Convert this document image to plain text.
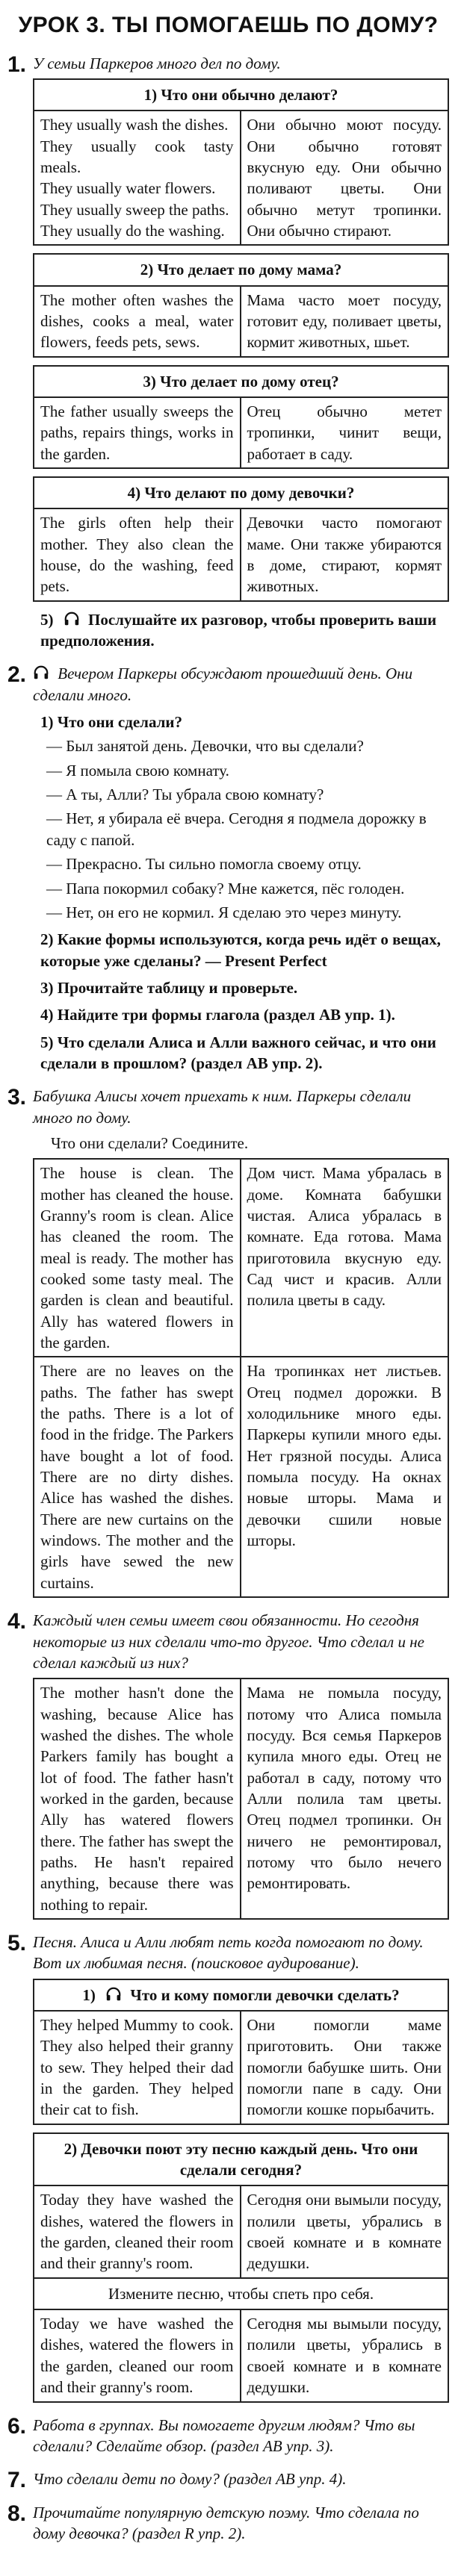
УРОК 3. ТЫ ПОМОГАЕШЬ ПО ДОМУ?
1. У семьи Паркеров много дел по дому.

1) Что они обычно делают?

They usually wash the dishes.

They usually cook tasty meals.

They usually water flowers.

They usually sweep the paths.

They usually do the washing.

Они обычно моют посуду. Они обычно готовят вкусную еду. Они обычно поливают цветы. Они обычно метут тропинки. Они обычно стирают.
2) Что делает по дому мама?
The mother often washes the dishes, cooks a meal, water flowers, feeds pets, sews.
Мама часто моет посуду, готовит еду, поливает цветы, кормит животных, шьет.
3) Что делает по дому отец?
The father usually sweeps the paths, repairs things, works in the garden.
Отец обычно метет тропинки, чинит вещи, работает в саду.
4) Что делают по дому девочки?
The girls often help their mother. They also clean the house, do the washing, feed pets.
Девочки часто помогают маме. Они также убираются в доме, стирают, кормят животных.

5) Послушайте их разговор, чтобы проверить ваши предположения.

2.	Вечером Паркеры обсуждают прошедший день. Они сделали много.

1) Что они сделали?

— Был занятой день. Девочки, что вы сделали?

— Я помыла свою комнату.

— А ты, Алли? Ты убрала свою комнату?

— Нет, я убирала её вчера. Сегодня я подмела дорожку в саду с папой.

— Прекрасно. Ты сильно помогла своему отцу.

— Папа покормил собаку? Мне кажется, пёс голоден.

— Нет, он его не кормил. Я сделаю это через минуту.

2) Какие формы используются, когда речь идёт о вещах, которые уже сделаны? — Present Perfect

3) Прочитайте таблицу и проверьте.

4) Найдите три формы глагола (раздел AB упр. 1).

5) Что сделали Алиса и Алли важного сейчас, и что они сделали в прошлом? (раздел AB упр. 2).

3. Бабушка Алисы хочет приехать к ним. Паркеры сделали много по дому.

Что они сделали? Соедините.

The house is clean. The mother has cleaned the house. Granny's room is clean. Alice has cleaned the room. The meal is ready. The mother has cooked some tasty meal. The garden is clean and beautiful. Ally has watered flowers in the garden.
Дом чист. Мама убралась в доме. Комната бабушки чистая. Алиса убралась в комнате. Еда готова. Мама приготовила вкусную еду. Сад чист и красив. Алли полила цветы в саду.
There are no leaves on the paths. The father has swept the paths. There is a lot of food in the fridge. The Parkers have bought a lot of food. There are no dirty dishes. Alice has washed the dishes. There are new curtains on the windows. The mother and the girls have sewed the new curtains.
На тропинках нет листьев. Отец подмел дорожки. В холодильнике много еды. Паркеры купили много еды. Нет грязной посуды. Алиса помыла посуду. На окнах новые шторы. Мама и девочки сшили новые шторы.
4. Каждый член семьи имеет свои обязанности. Но сегодня некоторые из них сделали что-то другое. Что сделал и не сделал каждый из них?

The mother hasn't done the washing, because Alice has washed the dishes. The whole Parkers family has bought a lot of food. The father hasn't worked in the garden, because Ally has watered flowers there. The father has swept the paths. He hasn't repaired anything, because there was nothing to repair.
Мама не помыла посуду, потому что Алиса помыла посуду. Вся семья Паркеров купила много еды. Отец не работал в саду, потому что Алли полила там цветы. Отец подмел тропинки. Он ничего не ремонтировал, потому что было нечего ремонтировать.
5. Песня. Алиса и Алли любят петь когда помогают по дому. Вот их любимая песня. (поисковое аудирование).

1) Что и кому помогли девочки сделать?
They helped Mummy to cook. They also helped their granny to sew. They helped their dad in the garden. They helped their cat to fish.
Они помогли маме приготовить. Они также помогли бабушке шить. Они помогли папе в саду. Они помогли кошке порыбачить.
2) Девочки поют эту песню каждый день. Что они сделали сегодня?
Today they have washed the dishes, watered the flowers in the garden, cleaned their room and their granny's room.
Сегодня они вымыли посуду, полили цветы, убрались в своей комнате и в комнате дедушки.
Измените песню, чтобы спеть про себя.
Today we have washed the dishes, watered the flowers in the garden, cleaned our room and their granny's room.
Сегодня мы вымыли посуду, полили цветы, убрались в своей комнате и в комнате дедушки.
6. Работа в группах. Вы помогаете другим людям? Что вы сделали? Сделайте обзор. (раздел AB упр. 3).

7. Что сделали дети по дому? (раздел AB упр. 4).

8. Прочитайте популярную детскую поэму. Что сделала по дому девочка? (раздел R упр. 2).
